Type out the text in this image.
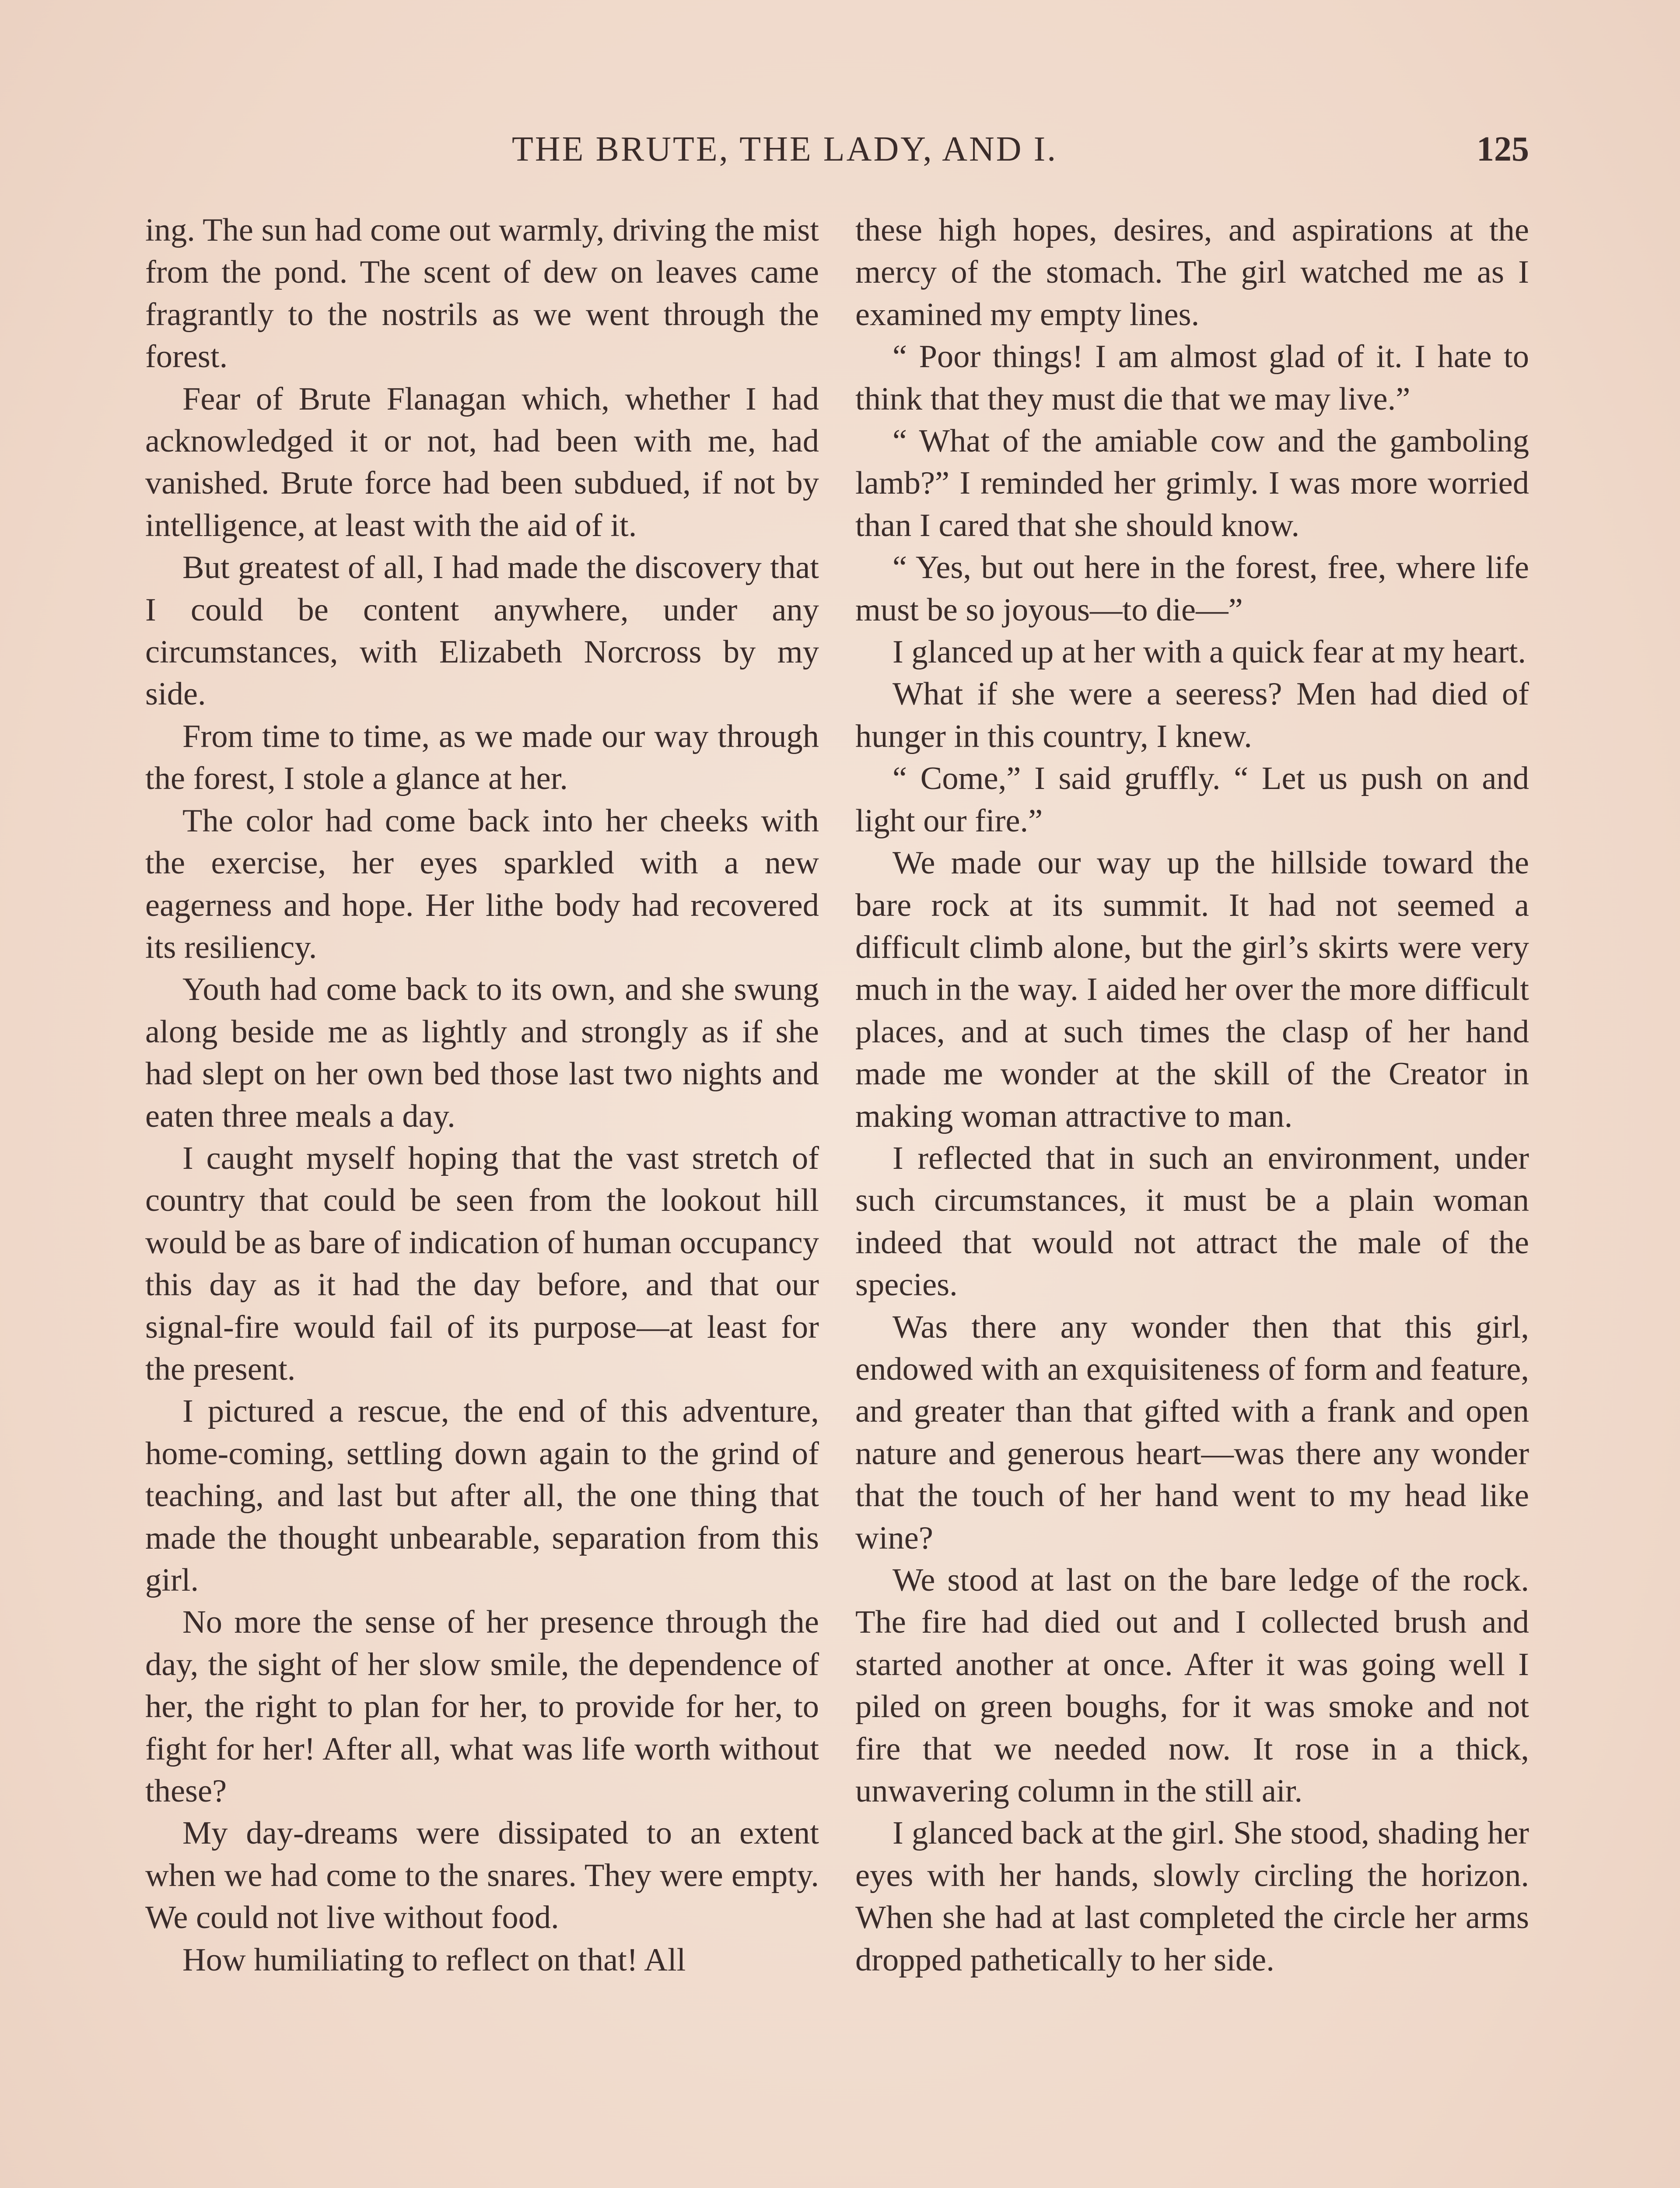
THE BRUTE, THE LADY, AND I.	125

ing. The sun had come out warmly, driving the mist from the pond. The scent of dew on leaves came fragrantly to the nostrils as we went through the forest.

Fear of Brute Flanagan which, whether I had acknowledged it or not, had been with me, had vanished. Brute force had been subdued, if not by intelligence, at least with the aid of it.

But greatest of all, I had made the discovery that I could be content anywhere, under any circumstances, with Elizabeth Norcross by my side.

From time to time, as we made our way through the forest, I stole a glance at her.

The color had come back into her cheeks with the exercise, her eyes sparkled with a new eagerness and hope. Her lithe body had recovered its resiliency.

Youth had come back to its own, and she swung along beside me as lightly and strongly as if she had slept on her own bed those last two nights and eaten three meals a day.

I caught myself hoping that the vast stretch of country that could be seen from the lookout hill would be as bare of indication of human occupancy this day as it had the day before, and that our signal-fire would fail of its purpose—at least for the present.

I pictured a rescue, the end of this adventure, home-coming, settling down again to the grind of teaching, and last but after all, the one thing that made the thought unbearable, separation from this girl.

No more the sense of her presence through the day, the sight of her slow smile, the dependence of her, the right to plan for her, to provide for her, to fight for her! After all, what was life worth without these?

My day-dreams were dissipated to an extent when we had come to the snares. They were empty. We could not live without food.

How humiliating to reflect on that! All

these high hopes, desires, and aspirations at the mercy of the stomach. The girl watched me as I examined my empty lines.

“ Poor things! I am almost glad of it. I hate to think that they must die that we may live.”

“ What of the amiable cow and the gamboling lamb?” I reminded her grimly. I was more worried than I cared that she should know.

“ Yes, but out here in the forest, free, where life must be so joyous—to die—”

I glanced up at her with a quick fear at my heart.

What if she were a seeress? Men had died of hunger in this country, I knew.

“ Come,” I said gruffly. “ Let us push on and light our fire.”

We made our way up the hillside toward the bare rock at its summit. It had not seemed a difficult climb alone, but the girl’s skirts were very much in the way. I aided her over the more difficult places, and at such times the clasp of her hand made me wonder at the skill of the Creator in making woman attractive to man.

I reflected that in such an environment, under such circumstances, it must be a plain woman indeed that would not attract the male of the species.

Was there any wonder then that this girl, endowed with an exquisiteness of form and feature, and greater than that gifted with a frank and open nature and generous heart—was there any wonder that the touch of her hand went to my head like wine?

We stood at last on the bare ledge of the rock. The fire had died out and I collected brush and started another at once. After it was going well I piled on green boughs, for it was smoke and not fire that we needed now. It rose in a thick, unwavering column in the still air.

I glanced back at the girl. She stood, shading her eyes with her hands, slowly circling the horizon. When she had at last completed the circle her arms dropped pathetically to her side.
